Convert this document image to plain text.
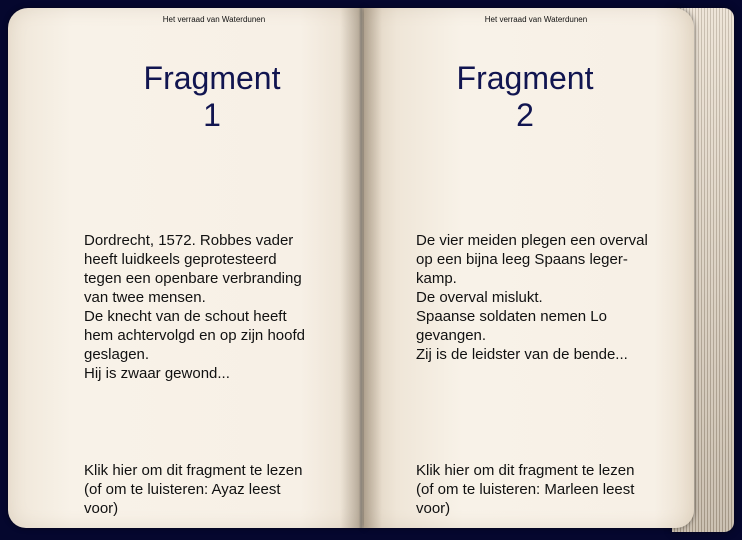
Het verraad van Waterdunen	Het verraad van Waterdunen
Fragment
1
Fragment
2
Dordrecht, 1572. Robbes vader
heeft luidkeels geprotesteerd
tegen een openbare verbranding
van twee mensen.
De knecht van de schout heeft
hem achtervolgd en op zijn hoofd
geslagen.
Hij is zwaar gewond...
De vier meiden plegen een overval
op een bijna leeg Spaans leger-
kamp.
De overval mislukt.
Spaanse soldaten nemen Lo
gevangen.
Zij is de leidster van de bende...
Klik hier om dit fragment te lezen
(of om te luisteren: Ayaz leest
voor)
Klik hier om dit fragment te lezen
(of om te luisteren: Marleen leest
voor)
